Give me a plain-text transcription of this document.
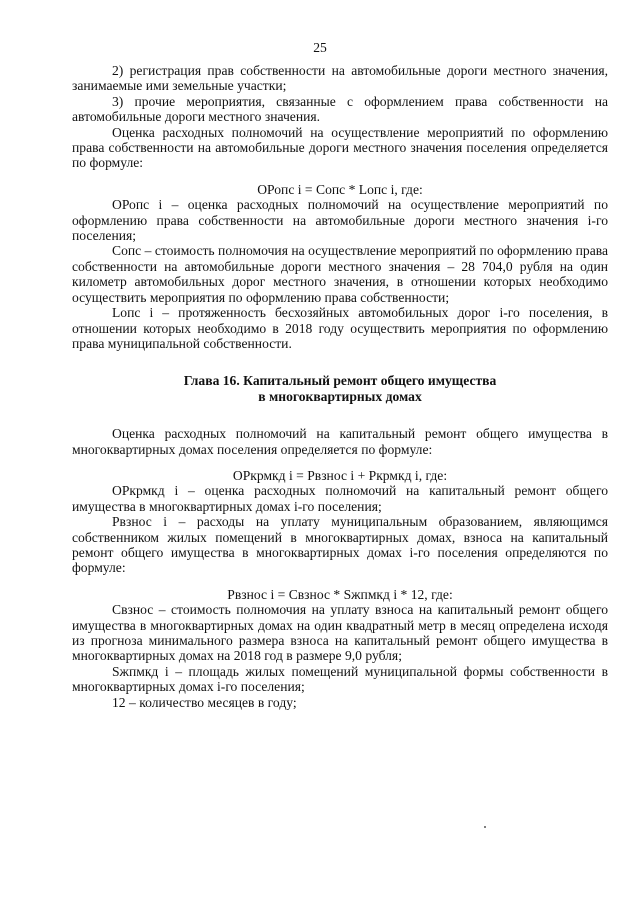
25

2) регистрация прав собственности на автомобильные дороги местного значения, занимаемые ими земельные участки;

3) прочие мероприятия, связанные с оформлением права собственности на автомобильные дороги местного значения.

Оценка расходных полномочий на осуществление мероприятий по оформлению права собственности на автомобильные дороги местного значения поселения определяется по формуле:

ОРопс i = Сопс * Lопс i, где:

ОРопс i – оценка расходных полномочий на осуществление мероприятий по оформлению права собственности на автомобильные дороги местного значения i-го поселения;

Сопс – стоимость полномочия на осуществление мероприятий по оформлению права собственности на автомобильные дороги местного значения – 28 704,0 рубля на один километр автомобильных дорог местного значения, в отношении которых необходимо осуществить мероприятия по оформлению права собственности;

Lопс i – протяженность бесхозяйных автомобильных дорог i-го поселения, в отношении которых необходимо в 2018 году осуществить мероприятия по оформлению права муниципальной собственности.

Глава 16. Капитальный ремонт общего имущества

в многоквартирных домах

Оценка расходных полномочий на капитальный ремонт общего имущества в многоквартирных домах поселения определяется по формуле:

ОРкрмкд i = Рвзнос i + Ркрмкд i, где:

ОРкрмкд i – оценка расходных полномочий на капитальный ремонт общего имущества в многоквартирных домах i-го поселения;

Рвзнос i – расходы на уплату муниципальным образованием, являющимся собственником жилых помещений в многоквартирных домах, взноса на капитальный ремонт общего имущества в многоквартирных домах i-го поселения определяются по формуле:

Рвзнос i = Свзнос * Sжпмкд i * 12, где:

Свзнос – стоимость полномочия на уплату взноса на капитальный ремонт общего имущества в многоквартирных домах на один квадратный метр в месяц определена исходя из прогноза минимального размера взноса на капитальный ремонт общего имущества в многоквартирных домах на 2018 год в размере 9,0 рубля;

Sжпмкд i – площадь жилых помещений муниципальной формы собственности в многоквартирных домах i-го поселения;

12 – количество месяцев в году;
